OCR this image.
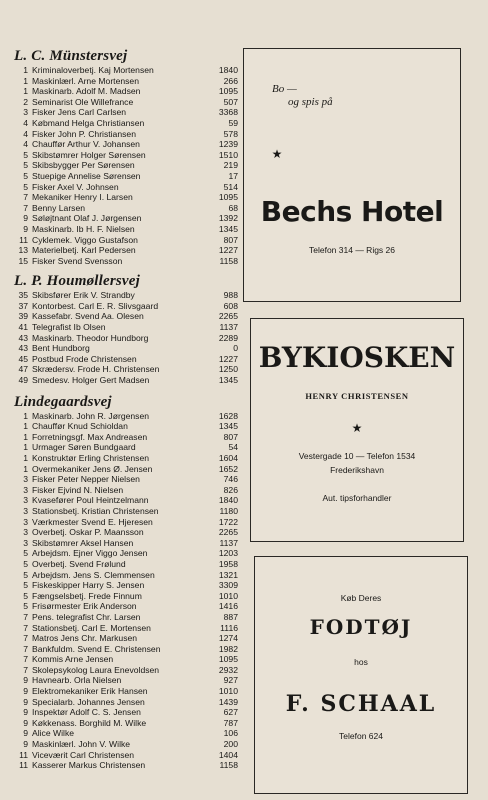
L. C. Münstersvej
1 Kriminaloverbetj. Kaj Mortensen	1840
1 Maskinlærl. Arne Mortensen	266
1 Maskinarb. Adolf M. Madsen	1095
2 Seminarist Ole Willefrance	507
3 Fisker Jens Carl Carlsen	3368
4 Købmand Helga Christiansen	59
4 Fisker John P. Christiansen	578
4 Chauffør Arthur V. Johansen	1239
5 Skibstømrer Holger Sørensen	1510
5 Skibsbygger Per Sørensen	219
5 Stuepige Annelise Sørensen	17
5 Fisker Axel V. Johnsen	514
7 Mekaniker Henry I. Larsen	1095
7 Benny Larsen	68
9 Søløjtnant Olaf J. Jørgensen	1392
9 Maskinarb. Ib H. F. Nielsen	1345
11 Cyklemek. Viggo Gustafson	807
13 Materielbetj. Karl Pedersen	1227
15 Fisker Svend Svensson	1158
L. P. Houmøllersvej
35 Skibsfører Erik V. Strandby	988
37 Kontorbest. Carl E. R. Slivsgaard	608
39 Kassefabr. Svend Aa. Olesen	2265
41 Telegrafist Ib Olsen	1137
43 Maskinarb. Theodor Hundborg	2289
43 Bent Hundborg	0
45 Postbud Frode Christensen	1227
47 Skrædersv. Frode H. Christensen	1250
49 Smedesv. Holger Gert Madsen	1345
Lindegaardsvej
1 Maskinarb. John R. Jørgensen	1628
1 Chauffør Knud Schioldan	1345
1 Forretningsgf. Max Andreasen	807
1 Urmager Søren Bundgaard	54
1 Konstruktør Erling Christensen	1604
1 Overmekaniker Jens Ø. Jensen	1652
3 Fisker Peter Nepper Nielsen	746
3 Fisker Ejvind N. Nielsen	826
3 Kvasefører Poul Heintzelmann	1840
3 Stationsbetj. Kristian Christensen	1180
3 Værkmester Svend E. Hjeresen	1722
3 Overbetj. Oskar P. Maansson	2265
3 Skibstømrer Aksel Hansen	1137
5 Arbejdsm. Ejner Viggo Jensen	1203
5 Overbetj. Svend Frølund	1958
5 Arbejdsm. Jens S. Clemmensen	1321
5 Fiskeskipper Harry S. Jensen	3309
5 Fængselsbetj. Frede Finnum	1010
5 Frisørmester Erik Anderson	1416
7 Pens. telegrafist Chr. Larsen	887
7 Stationsbetj. Carl E. Mortensen	1116
7 Matros Jens Chr. Markusen	1274
7 Bankfuldm. Svend E. Christensen	1982
7 Kommis Arne Jensen	1095
7 Skolepsykolog Laura Enevoldsen	2932
9 Havnearb. Orla Nielsen	927
9 Elektromekaniker Erik Hansen	1010
9 Specialarb. Johannes Jensen	1439
9 Inspektør Adolf C. S. Jensen	627
9 Køkkenass. Borghild M. Wilke	787
9 Alice Wilke	106
9 Maskinlærl. John V. Wilke	200
11 Viceværit Carl Christensen	1404
11 Kasserer Markus Christensen	1158
Bo —
og spis på
★
Bechs Hotel
Telefon 314 — Rigs 26
BYKIOSKEN
HENRY CHRISTENSEN
★
Vestergade 10 — Telefon 1534
Frederikshavn
Aut. tipsforhandler
Køb Deres
FODTØJ
hos
F. SCHAAL
Telefon 624
